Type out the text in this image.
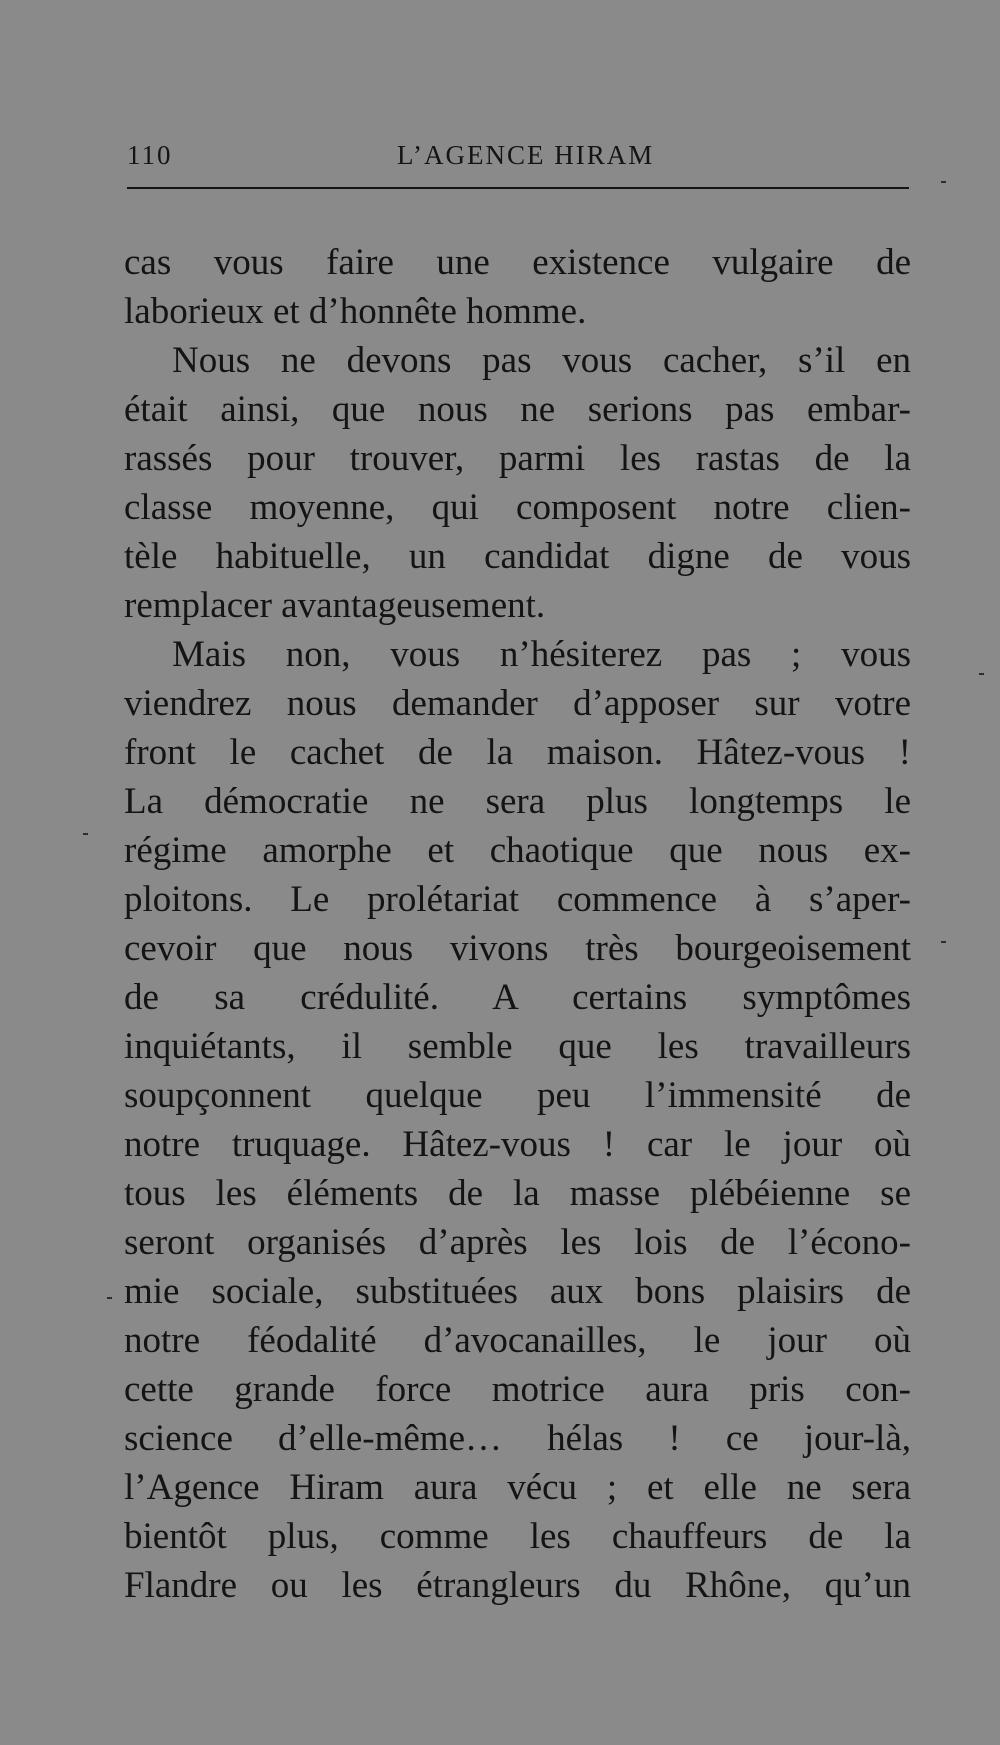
110	L’AGENCE HIRAM
cas vous faire une existence vulgaire de
laborieux et d’honnête homme.
Nous ne devons pas vous cacher, s’il en
était ainsi, que nous ne serions pas embar-
rassés pour trouver, parmi les rastas de la
classe moyenne, qui composent notre clien-
tèle habituelle, un candidat digne de vous
remplacer avantageusement.
Mais non, vous n’hésiterez pas ; vous
viendrez nous demander d’apposer sur votre
front le cachet de la maison. Hâtez-vous !
La démocratie ne sera plus longtemps le
régime amorphe et chaotique que nous ex-
ploitons. Le prolétariat commence à s’aper-
cevoir que nous vivons très bourgeoisement
de sa crédulité. A certains symptômes
inquiétants, il semble que les travailleurs
soupçonnent quelque peu l’immensité de
notre truquage. Hâtez-vous ! car le jour où
tous les éléments de la masse plébéienne se
seront organisés d’après les lois de l’écono-
mie sociale, substituées aux bons plaisirs de
notre féodalité d’avocanailles, le jour où
cette grande force motrice aura pris con-
science d’elle-même… hélas ! ce jour-là,
l’Agence Hiram aura vécu ; et elle ne sera
bientôt plus, comme les chauffeurs de la
Flandre ou les étrangleurs du Rhône, qu’un
